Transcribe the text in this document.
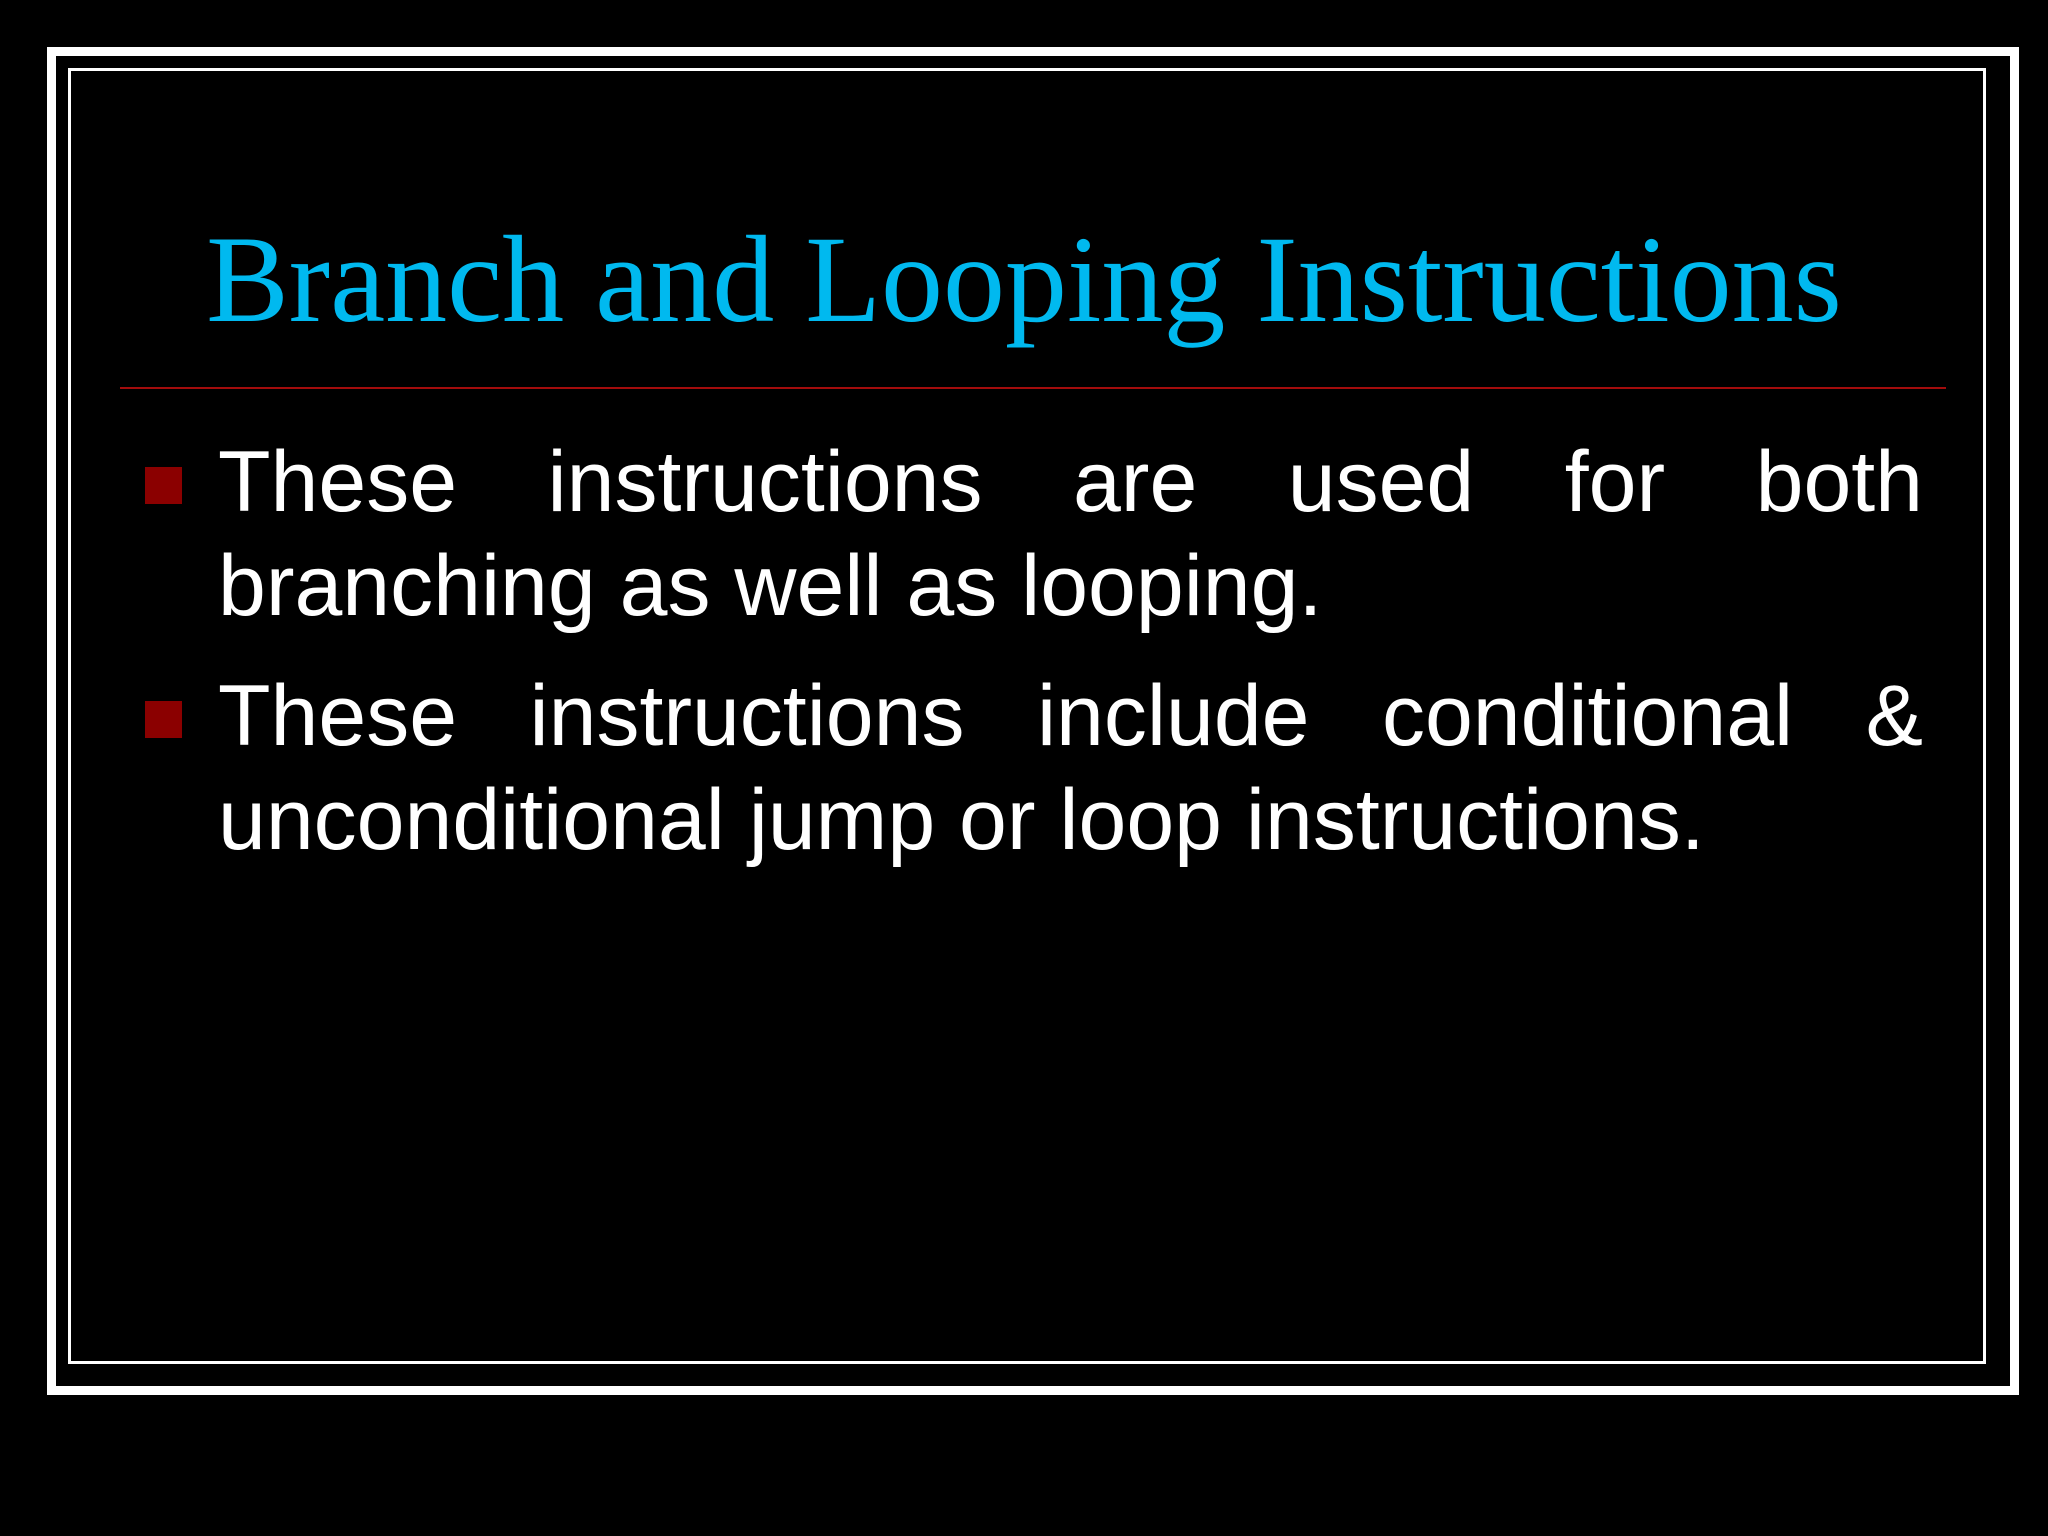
Branch and Looping Instructions
These instructions are used for both branching as well as looping.
These instructions include conditional & unconditional jump or loop instructions.
